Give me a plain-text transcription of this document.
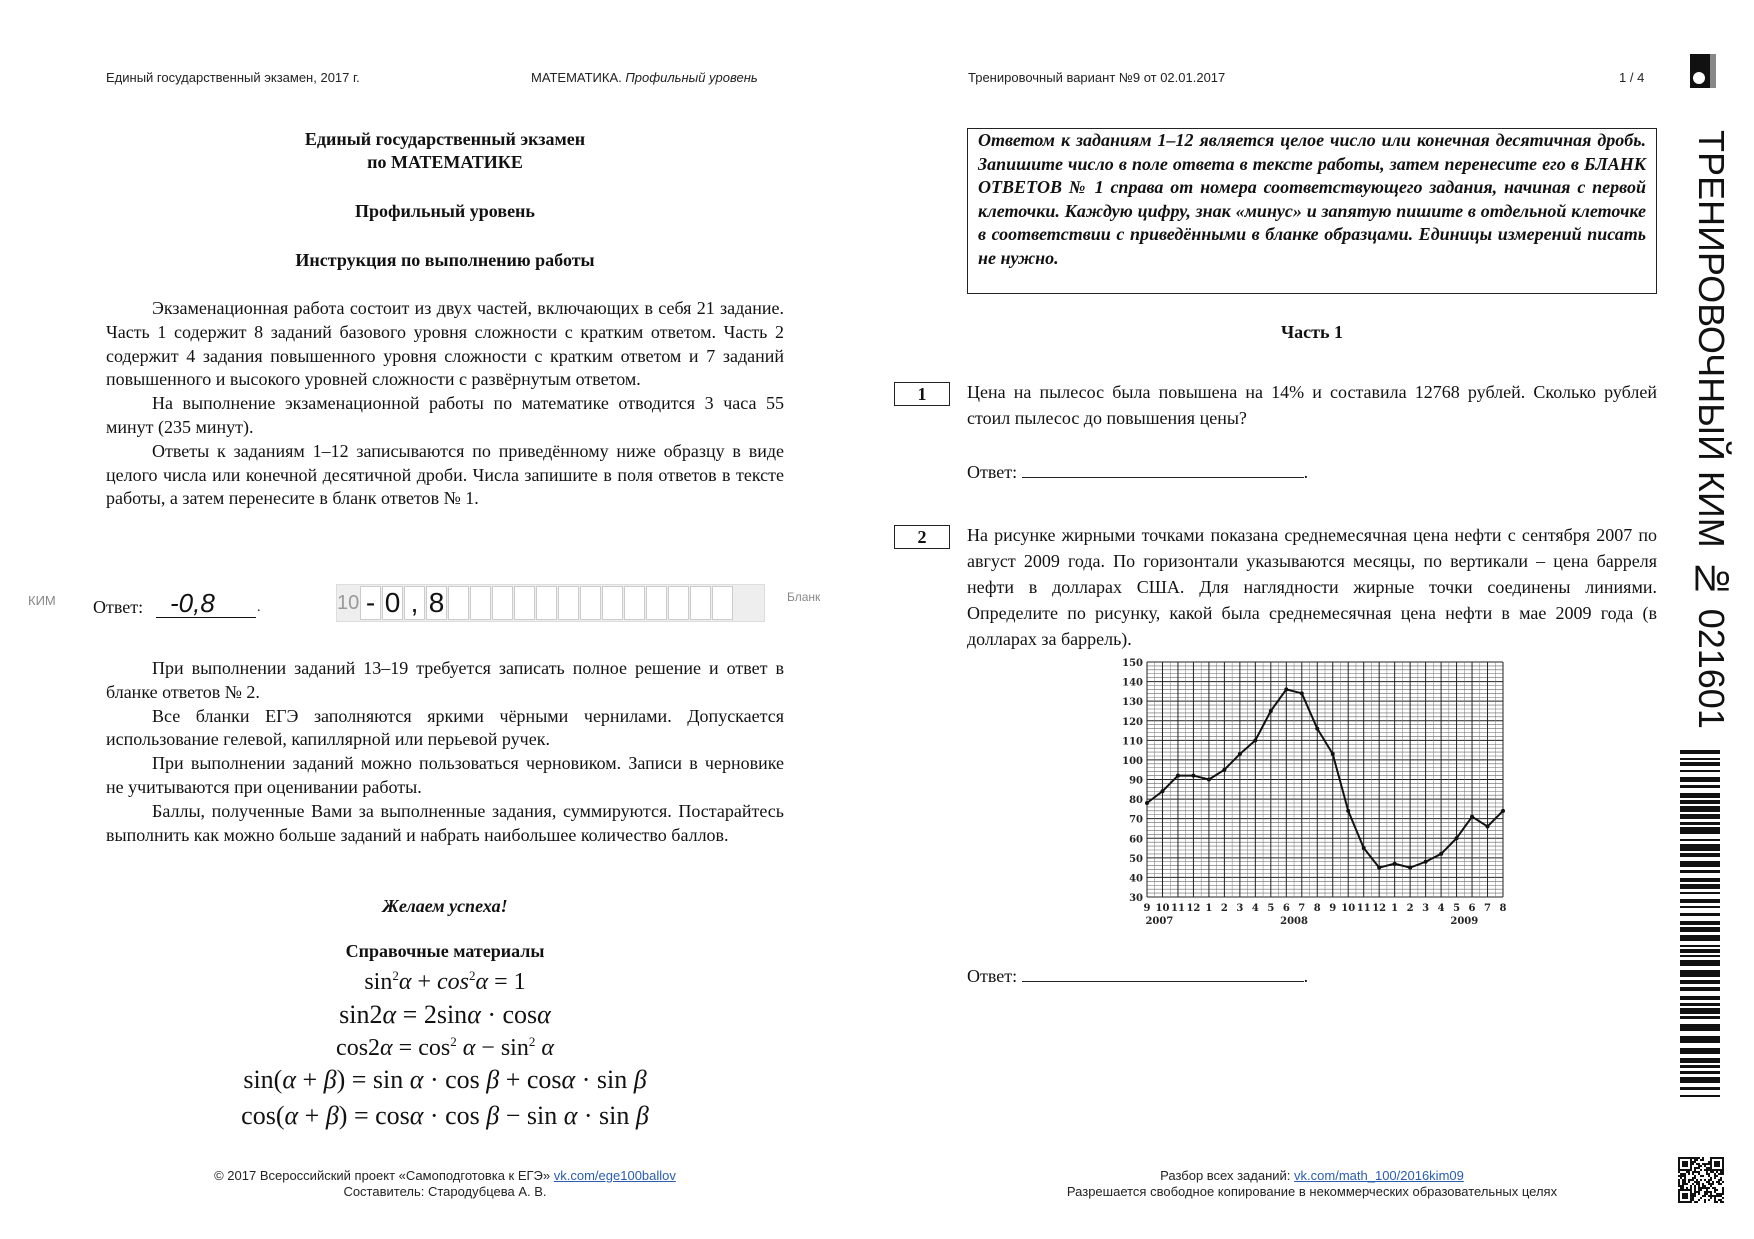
Единый государственный экзамен, 2017 г.	МАТЕМАТИКА. Профильный уровень	Тренировочный вариант №9 от 02.01.2017	1 / 4
Единый государственный экзамен
по МАТЕМАТИКЕ
Профильный уровень
Инструкция по выполнению работы

Экзаменационная работа состоит из двух частей, включающих в себя 21 задание. Часть 1 содержит 8 заданий базового уровня сложности с кратким ответом. Часть 2 содержит 4 задания повышенного уровня сложности с кратким ответом и 7 заданий повышенного и высокого уровней сложности с развёрнутым ответом.

На выполнение экзаменационной работы по математике отводится 3 часа 55 минут (235 минут).

Ответы к заданиям 1–12 записываются по приведённому ниже образцу в виде целого числа или конечной десятичной дроби. Числа запишите в поля ответов в тексте работы, а затем перенесите в бланк ответов № 1.

КИМ Ответ:	-0,8	.	10 - 0 , 8	Бланк

При выполнении заданий 13–19 требуется записать полное решение и ответ в бланке ответов № 2.

Все бланки ЕГЭ заполняются яркими чёрными чернилами. Допускается использование гелевой, капиллярной или перьевой ручек.

При выполнении заданий можно пользоваться черновиком. Записи в черновике не учитываются при оценивании работы.

Баллы, полученные Вами за выполненные задания, суммируются. Постарайтесь выполнить как можно больше заданий и набрать наибольшее количество баллов.

Желаем успеха!
Справочные материалы
$\sin^2\alpha + \cos^2\alpha = 1$
sin2α = 2sinα · cosα
$\cos 2\alpha = \cos^2 \alpha - \sin^2 \alpha$
sin(α + β) = sin α · cos β + cosα · sin β
cos(α + β) = cosα · cos β − sin α · sin β
© 2017 Всероссийский проект «Самоподготовка к ЕГЭ» vk.com/ege100ballov
Составитель: Стародубцева А. В.
Ответом к заданиям 1–12 является целое число или конечная десятичная дробь. Запишите число в поле ответа в тексте работы, затем перенесите его в БЛАНК ОТВЕТОВ № 1 справа от номера соответствующего задания, начиная с первой клеточки. Каждую цифру, знак «минус» и запятую пишите в отдельной клеточке в соответствии с приведёнными в бланке образцами. Единицы измерений писать не нужно.
Часть 1
1	Цена на пылесос была повышена на 14% и составила 12768 рублей. Сколько рублей стоил пылесос до повышения цены?

Ответ:	.
2	На рисунке жирными точками показана среднемесячная цена нефти с сентября 2007 по август 2009 года. По горизонтали указываются месяцы, по вертикали – цена барреля нефти в долларах США. Для наглядности жирные точки соединены линиями. Определите по рисунку, какой была среднемесячная цена нефти в мае 2009 года (в долларах за баррель).

30
40
50
60
70
80
90
100
110
120
130
140
150
9 10 11 12 1 2 3 4 5 6 7 8 9 10 11 12 1 2 3 4 5 6 7 8
2007	2008	2009
Ответ:	.
Разбор всех заданий: vk.com/math_100/2016kim09
Разрешается свободное копирование в некоммерческих образовательных целях
ТРЕНИРОВОЧНЫЙ КИМ № 021601
